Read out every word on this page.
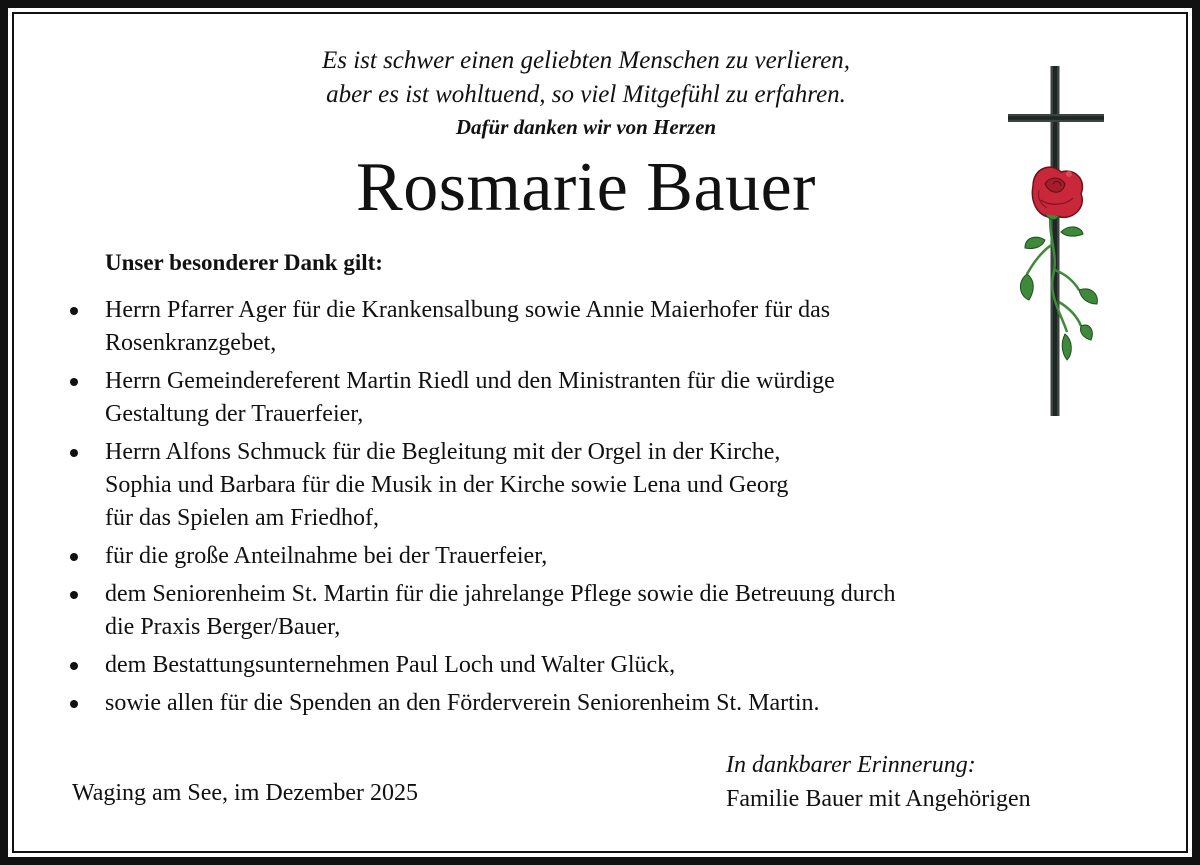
Es ist schwer einen geliebten Menschen zu verlieren,
aber es ist wohltuend, so viel Mitgefühl zu erfahren.
Dafür danken wir von Herzen
Rosmarie Bauer
Unser besonderer Dank gilt:
Herrn Pfarrer Ager für die Krankensalbung sowie Annie Maierhofer für das
Rosenkranzgebet,
Herrn Gemeindereferent Martin Riedl und den Ministranten für die würdige
Gestaltung der Trauerfeier,
Herrn Alfons Schmuck für die Begleitung mit der Orgel in der Kirche,
Sophia und Barbara für die Musik in der Kirche sowie Lena und Georg
für das Spielen am Friedhof,
für die große Anteilnahme bei der Trauerfeier,
dem Seniorenheim St. Martin für die jahrelange Pflege sowie die Betreuung durch
die Praxis Berger/Bauer,
dem Bestattungsunternehmen Paul Loch und Walter Glück,
sowie allen für die Spenden an den Förderverein Seniorenheim St. Martin.
Waging am See, im Dezember 2025
In dankbarer Erinnerung:
Familie Bauer mit Angehörigen
